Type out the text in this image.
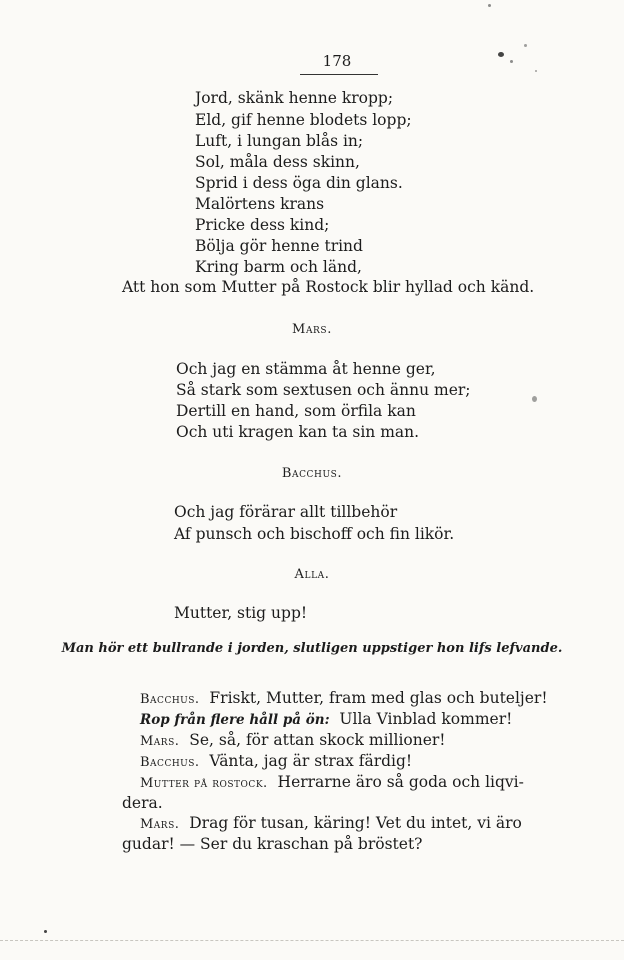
178
Jord, skänk henne kropp;
Eld, gif henne blodets lopp;
Luft, i lungan blås in;
Sol, måla dess skinn,
Sprid i dess öga din glans.
Malörtens krans
Pricke dess kind;
Bölja gör henne trind
Kring barm och länd,
Att hon som Mutter på Rostock blir hyllad och känd.
Mars.
Och jag en stämma åt henne ger,
Så stark som sextusen och ännu mer;
Dertill en hand, som örfila kan
Och uti kragen kan ta sin man.
Bacchus.
Och jag förärar allt tillbehör
Af punsch och bischoff och fin likör.
Alla.
Mutter, stig upp!
Man hör ett bullrande i jorden, slutligen uppstiger hon lifs lefvande.
Bacchus. Friskt, Mutter, fram med glas och buteljer!
Rop från flere håll på ön: Ulla Vinblad kommer!
Mars. Se, så, för attan skock millioner!
Bacchus. Vänta, jag är strax färdig!
Mutter på rostock. Herrarne äro så goda och liqvi-
dera.
Mars. Drag för tusan, käring! Vet du intet, vi äro
gudar! — Ser du kraschan på bröstet?
